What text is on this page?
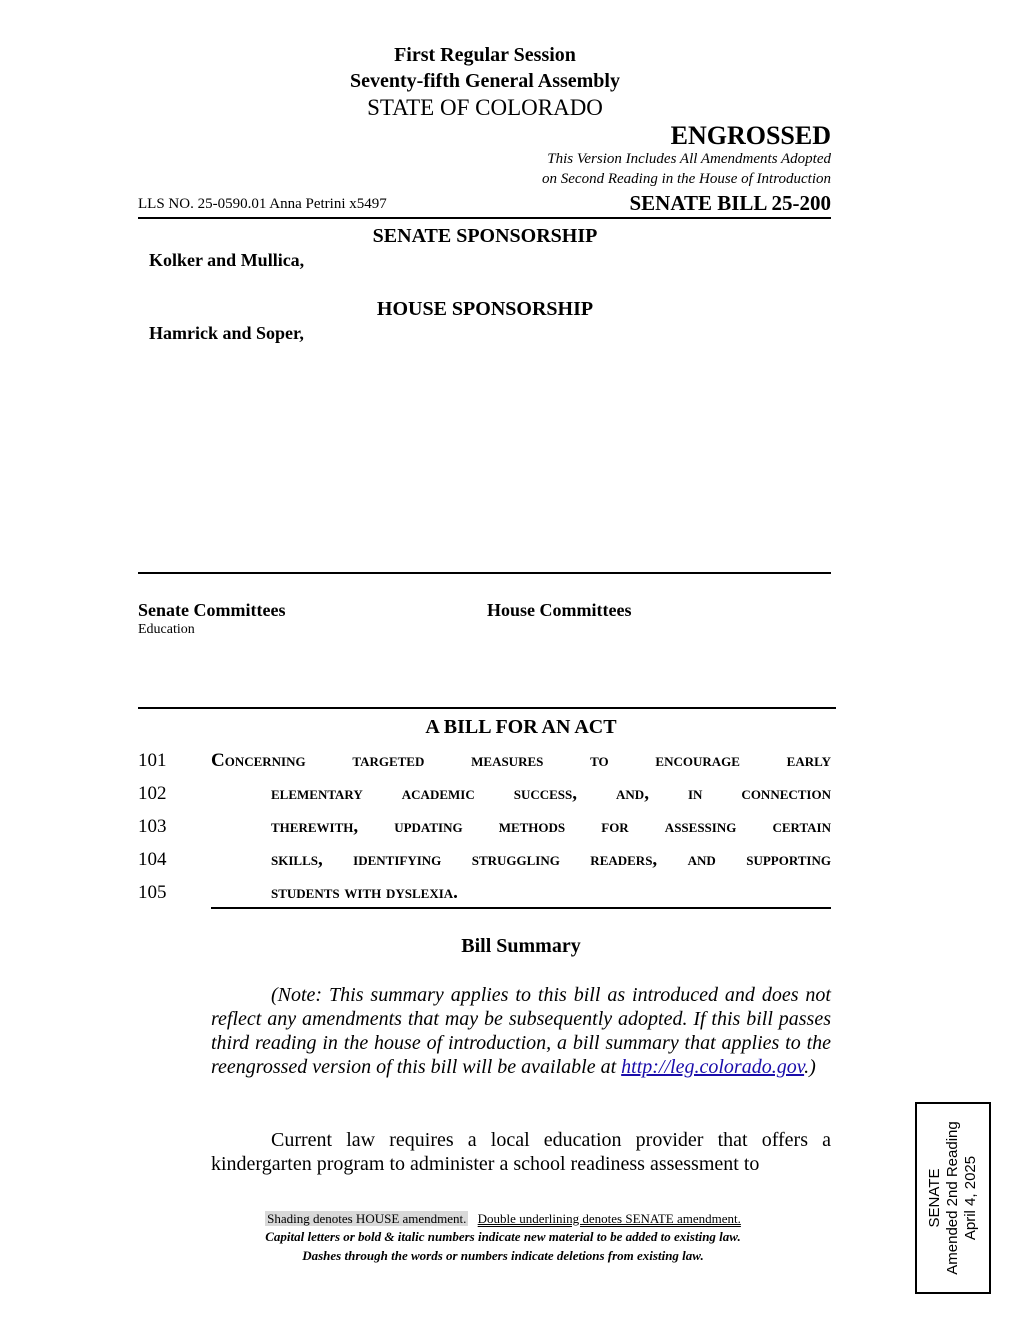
First Regular Session
Seventy-fifth General Assembly
STATE OF COLORADO
ENGROSSED
This Version Includes All Amendments Adopted
on Second Reading in the House of Introduction
LLS NO. 25-0590.01 Anna Petrini x5497	SENATE BILL 25-200
SENATE SPONSORSHIP
Kolker and Mullica,
HOUSE SPONSORSHIP
Hamrick and Soper,
Senate Committees
Education
House Committees
A BILL FOR AN ACT
101 Concerning targeted measures to encourage early
102	elementary academic success, and, in connection
103	therewith, updating methods for assessing certain
104	skills, identifying struggling readers, and supporting
105	students with dyslexia.
Bill Summary
(Note: This summary applies to this bill as introduced and does not reflect any amendments that may be subsequently adopted. If this bill passes third reading in the house of introduction, a bill summary that applies to the reengrossed version of this bill will be available at http://leg.colorado.gov.)
Current law requires a local education provider that offers a kindergarten program to administer a school readiness assessment to
Shading denotes HOUSE amendment. Double underlining denotes SENATE amendment.
Capital letters or bold & italic numbers indicate new material to be added to existing law.
Dashes through the words or numbers indicate deletions from existing law.
SENATE Amended 2nd Reading April 4, 2025
